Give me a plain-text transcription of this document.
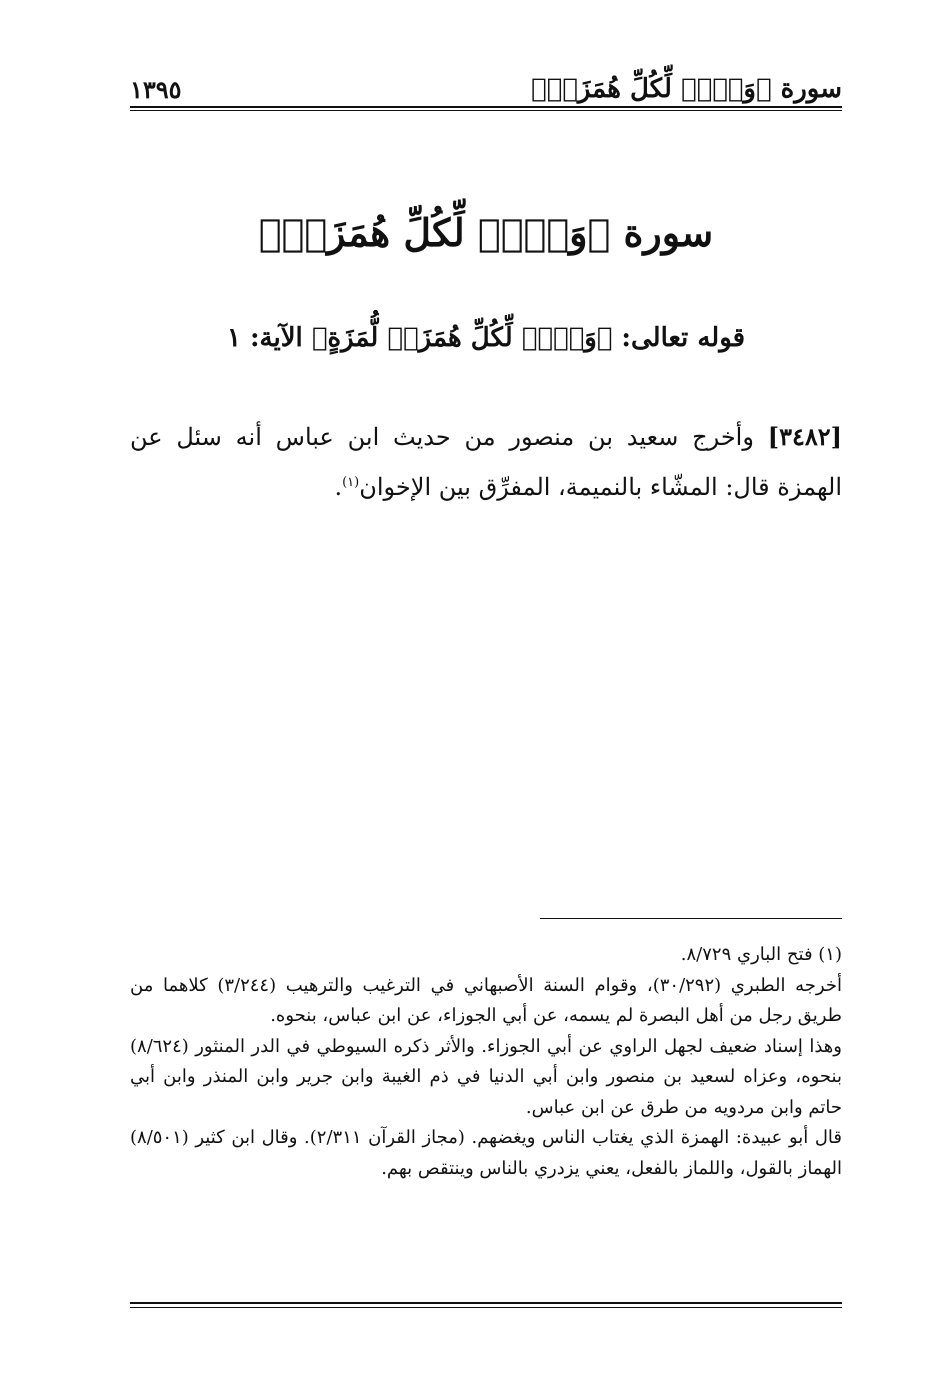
سورة ﴿وَيۡلٞ لِّكُلِّ هُمَزَةٖ﴾
١٣٩٥
سورة ﴿وَيۡلٞ لِّكُلِّ هُمَزَةٖ﴾
قوله تعالى: ﴿وَيۡلٞ لِّكُلِّ هُمَزَةٖ لُّمَزَةٍ﴾ الآية: ١

[٣٤٨٢] وأخرج سعيد بن منصور من حديث ابن عباس أنه سئل عن الهمزة قال: المشّاء بالنميمة، المفرِّق بين الإخوان$^{(١)}$.

(١) فتح الباري ٨/٧٢٩.

أخرجه الطبري (٣٠/٢٩٢)، وقوام السنة الأصبهاني في الترغيب والترهيب (٣/٢٤٤) كلاهما من طريق رجل من أهل البصرة لم يسمه، عن أبي الجوزاء، عن ابن عباس، بنحوه.

وهذا إسناد ضعيف لجهل الراوي عن أبي الجوزاء. والأثر ذكره السيوطي في الدر المنثور (٨/٦٢٤) بنحوه، وعزاه لسعيد بن منصور وابن أبي الدنيا في ذم الغيبة وابن جرير وابن المنذر وابن أبي حاتم وابن مردويه من طرق عن ابن عباس.

قال أبو عبيدة: الهمزة الذي يغتاب الناس ويغضهم. (مجاز القرآن ٢/٣١١). وقال ابن كثير (٨/٥٠١) الهماز بالقول، واللماز بالفعل، يعني يزدري بالناس وينتقص بهم.
